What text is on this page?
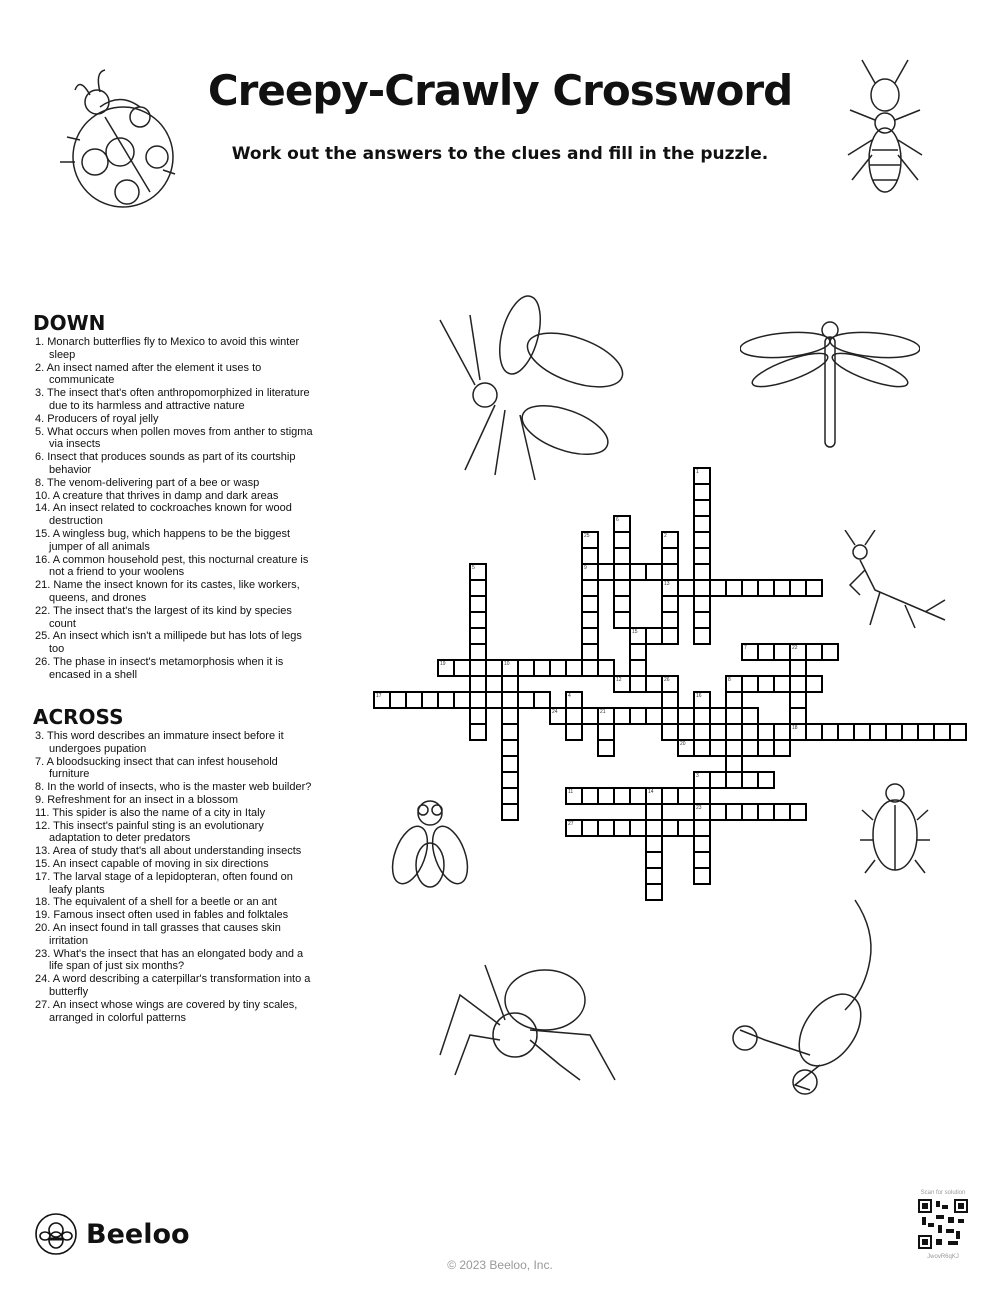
Creepy-Crawly Crossword
Work out the answers to the clues and fill in the puzzle.
DOWN
1. Monarch butterflies fly to Mexico to avoid this winter sleep
2. An insect named after the element it uses to communicate
3. The insect that's often anthropomorphized in literature due to its harmless and attractive nature
4. Producers of royal jelly
5. What occurs when pollen moves from anther to stigma via insects
6. Insect that produces sounds as part of its courtship behavior
8. The venom-delivering part of a bee or wasp
10. A creature that thrives in damp and dark areas
14. An insect related to cockroaches known for wood destruction
15. A wingless bug, which happens to be the biggest jumper of all animals
16. A common household pest, this nocturnal creature is not a friend to your woolens
21. Name the insect known for its castes, like workers, queens, and drones
22. The insect that's the largest of its kind by species count
25. An insect which isn't a millipede but has lots of legs too
26. The phase in insect's metamorphosis when it is encased in a shell
ACROSS
3. This word describes an immature insect before it undergoes pupation
7. A bloodsucking insect that can infest household furniture
8. In the world of insects, who is the master web builder?
9. Refreshment for an insect in a blossom
11. This spider is also the name of a city in Italy
12. This insect's painful sting is an evolutionary adaptation to deter predators
13. Area of study that's all about understanding insects
15. An insect capable of moving in six directions
17. The larval stage of a lepidopteran, often found on leafy plants
18. The equivalent of a shell for a beetle or an ant
19. Famous insect often used in fables and folktales
20. An insect found in tall grasses that causes skin irritation
23. What's the insect that has an elongated body and a life span of just six months?
24. A word describing a caterpillar's transformation into a butterfly
27. An insect whose wings are covered by tiny scales, arranged in colorful patterns
1
6
25
9
2
13
5
15
7	22
18
19	10
12	26	8
17	4	16
24	21
20
3
11	14
23
27
Beeloo
© 2023 Beeloo, Inc.
Scan for solution
JwovR6qKJ
